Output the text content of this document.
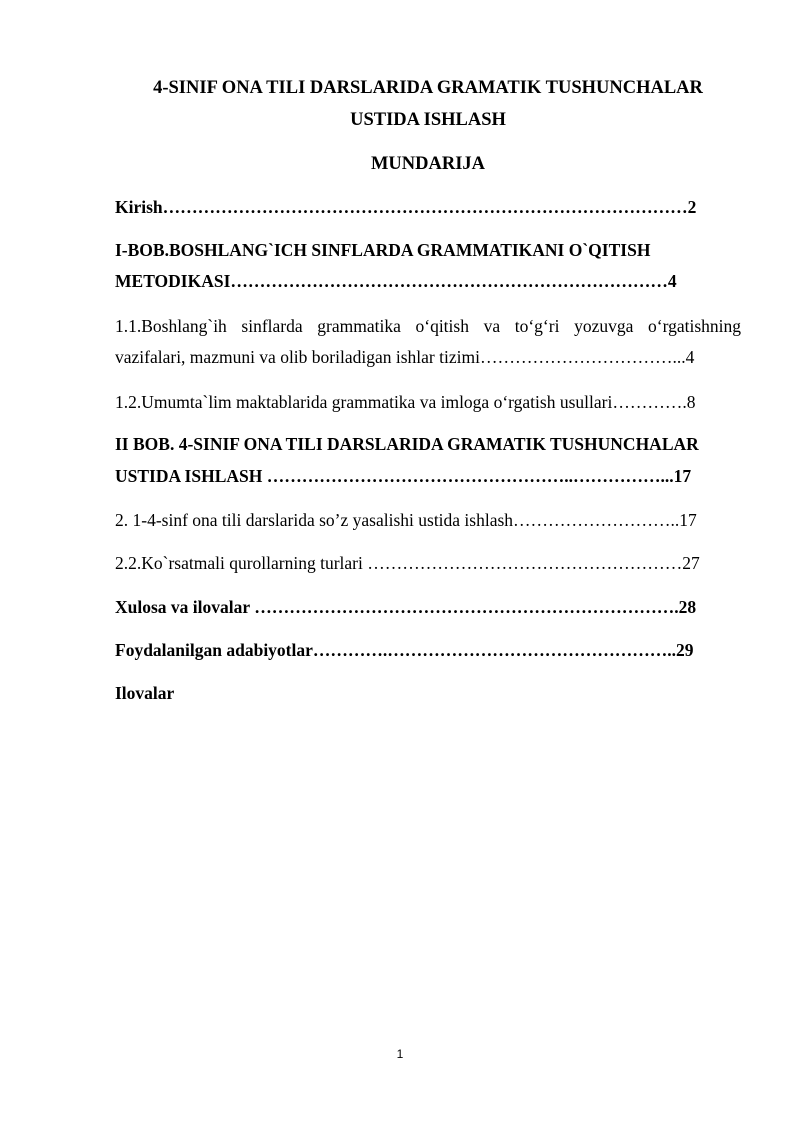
4-SINIF ONA TILI DARSLARIDA GRAMATIK TUSHUNCHALAR
USTIDA ISHLASH
MUNDARIJA
Kirish………………………………………………………………………………2
I-BOB.BOSHLANG`ICH SINFLARDA GRAMMATIKANI O`QITISH
METODIKASI…………………………………………………………………4
1.1.Boshlang`ih sinflarda grammatika o‘qitish va to‘g‘ri yozuvga o‘rgatishning
vazifalari, mazmuni va olib boriladigan ishlar tizimi……………………………...4
1.2.Umumta`lim maktablarida grammatika va imloga o‘rgatish usullari………….8
II BOB. 4-SINIF ONA TILI DARSLARIDA GRAMATIK TUSHUNCHALAR
USTIDA ISHLASH ……………………………………………..……………...17
2. 1-4-sinf ona tili darslarida so’z yasalishi ustida ishlash………………………..17
2.2.Ko`rsatmali qurollarning turlari ………………………………………………27
Xulosa va ilovalar ……………………………………………………………….28
Foydalanilgan adabiyotlar………….…………………………………………..29
Ilovalar
1
